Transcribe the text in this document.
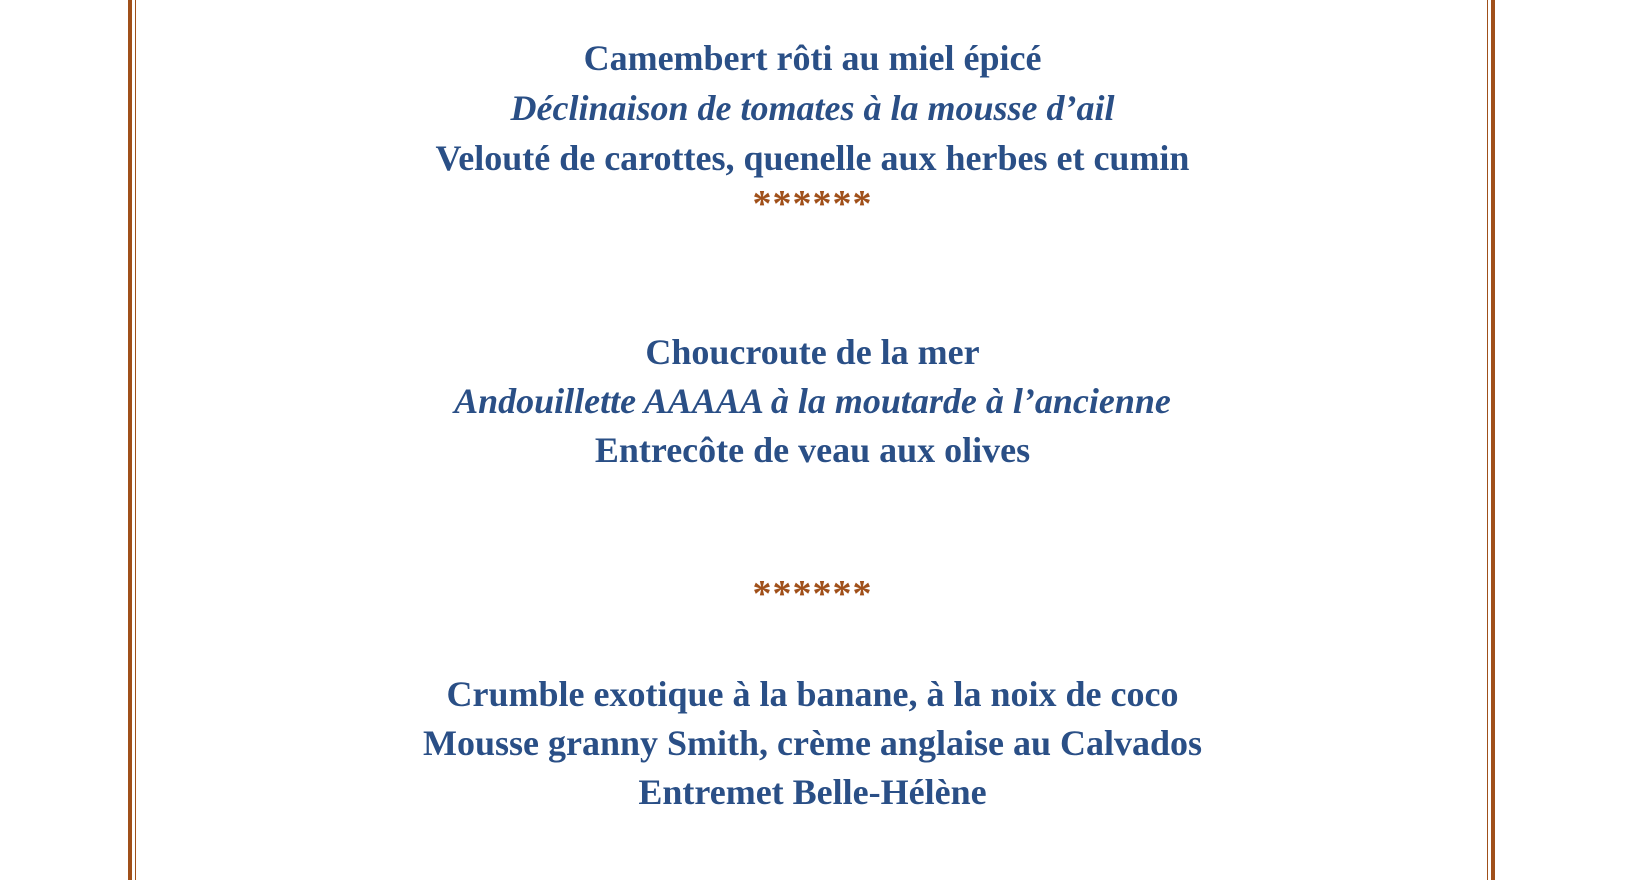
Camembert rôti au miel épicé
Déclinaison de tomates à la mousse d’ail
Velouté de carottes, quenelle aux herbes et cumin
******
Choucroute de la mer
Andouillette AAAAA à la moutarde à l’ancienne
Entrecôte de veau aux olives
******
Crumble exotique à la banane, à la noix de coco
Mousse granny Smith, crème anglaise au Calvados
Entremet Belle-Hélène
